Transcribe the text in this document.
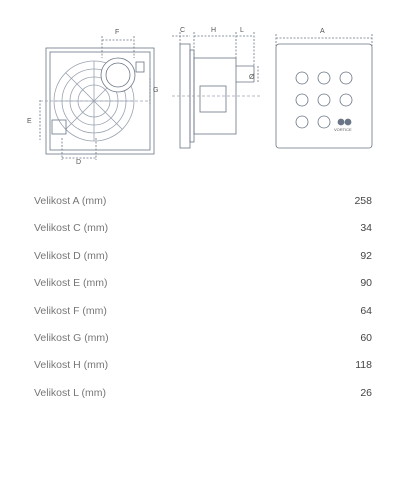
F	C	H	L	A
G
E
D
Ø
VORTICE
Velikost A (mm)	258
Velikost C (mm)	34
Velikost D (mm)	92
Velikost E (mm)	90
Velikost F (mm)	64
Velikost G (mm)	60
Velikost H (mm)	118
Velikost L (mm)	26
